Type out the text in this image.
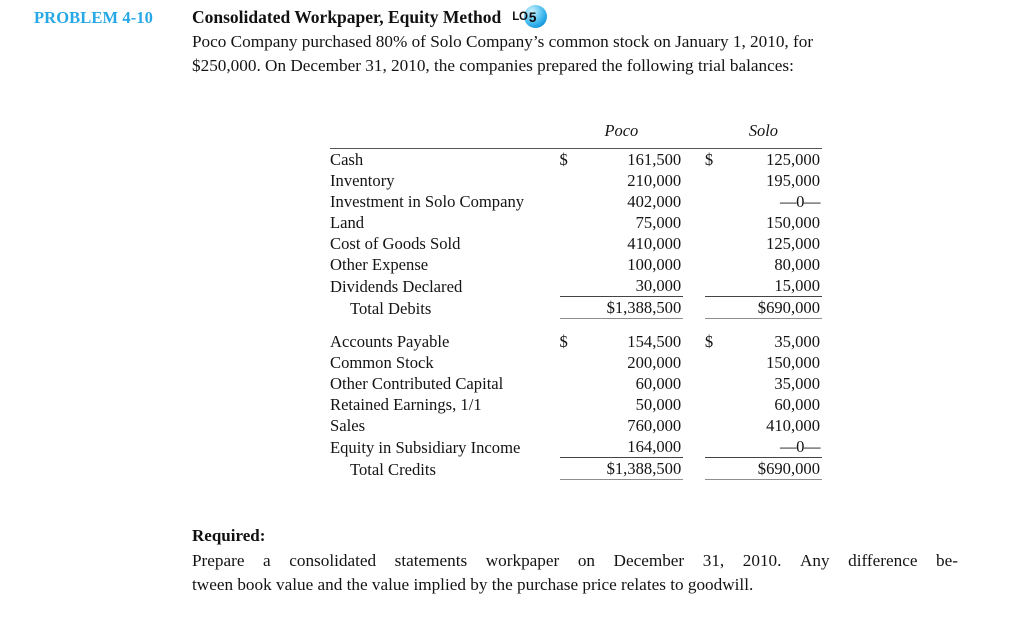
PROBLEM 4-10 Consolidated Workpaper, Equity Method LO 5
Poco Company purchased 80% of Solo Company’s common stock on January 1, 2010, for
$250,000. On December 31, 2010, the companies prepared the following trial balances:
	Poco			Solo	

Cash	$	161,500		$	125,000
Inventory		210,000			195,000
Investment in Solo Company		402,000			—0—
Land		75,000			150,000
Cost of Goods Sold		410,000			125,000
Other Expense		100,000			80,000
Dividends Declared		30,000			15,000
Total Debits		$1,388,500			$690,000

Accounts Payable	$	154,500		$	35,000
Common Stock		200,000			150,000
Other Contributed Capital		60,000			35,000
Retained Earnings, 1/1		50,000			60,000
Sales		760,000			410,000
Equity in Subsidiary Income		164,000			—0—
Total Credits		$1,388,500			$690,000
Required:
Prepare a consolidated statements workpaper on December 31, 2010. Any difference be-
tween book value and the value implied by the purchase price relates to goodwill.
